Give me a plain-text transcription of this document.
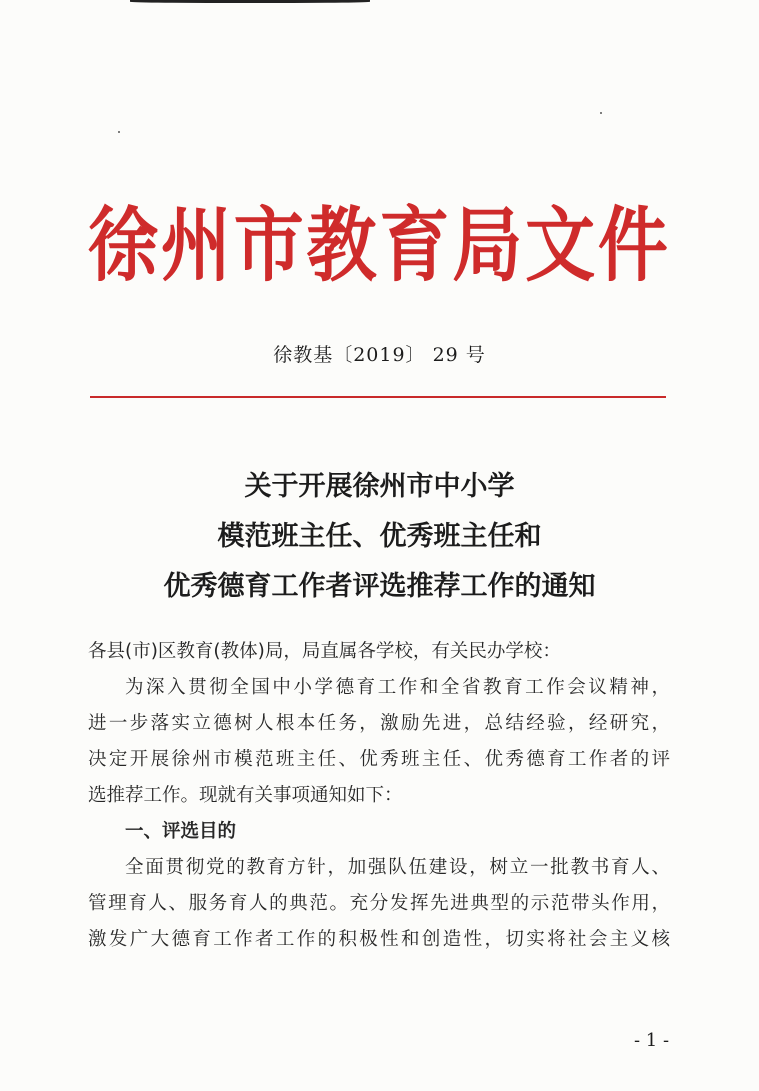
徐 州 市 教 育 局 文 件
徐教基〔2019〕 29 号
关于开展徐州市中小学
模范班主任、优秀班主任和
优秀德育工作者评选推荐工作的通知
各县(市)区教育(教体)局，局直属各学校，有关民办学校：
为深入贯彻全国中小学德育工作和全省教育工作会议精神，
进一步落实立德树人根本任务，激励先进，总结经验，经研究，
决定开展徐州市模范班主任、优秀班主任、优秀德育工作者的评
选推荐工作。现就有关事项通知如下：
一、评选目的
全面贯彻党的教育方针，加强队伍建设，树立一批教书育人、
管理育人、服务育人的典范。充分发挥先进典型的示范带头作用，
激发广大德育工作者工作的积极性和创造性，切实将社会主义核
- 1 -
